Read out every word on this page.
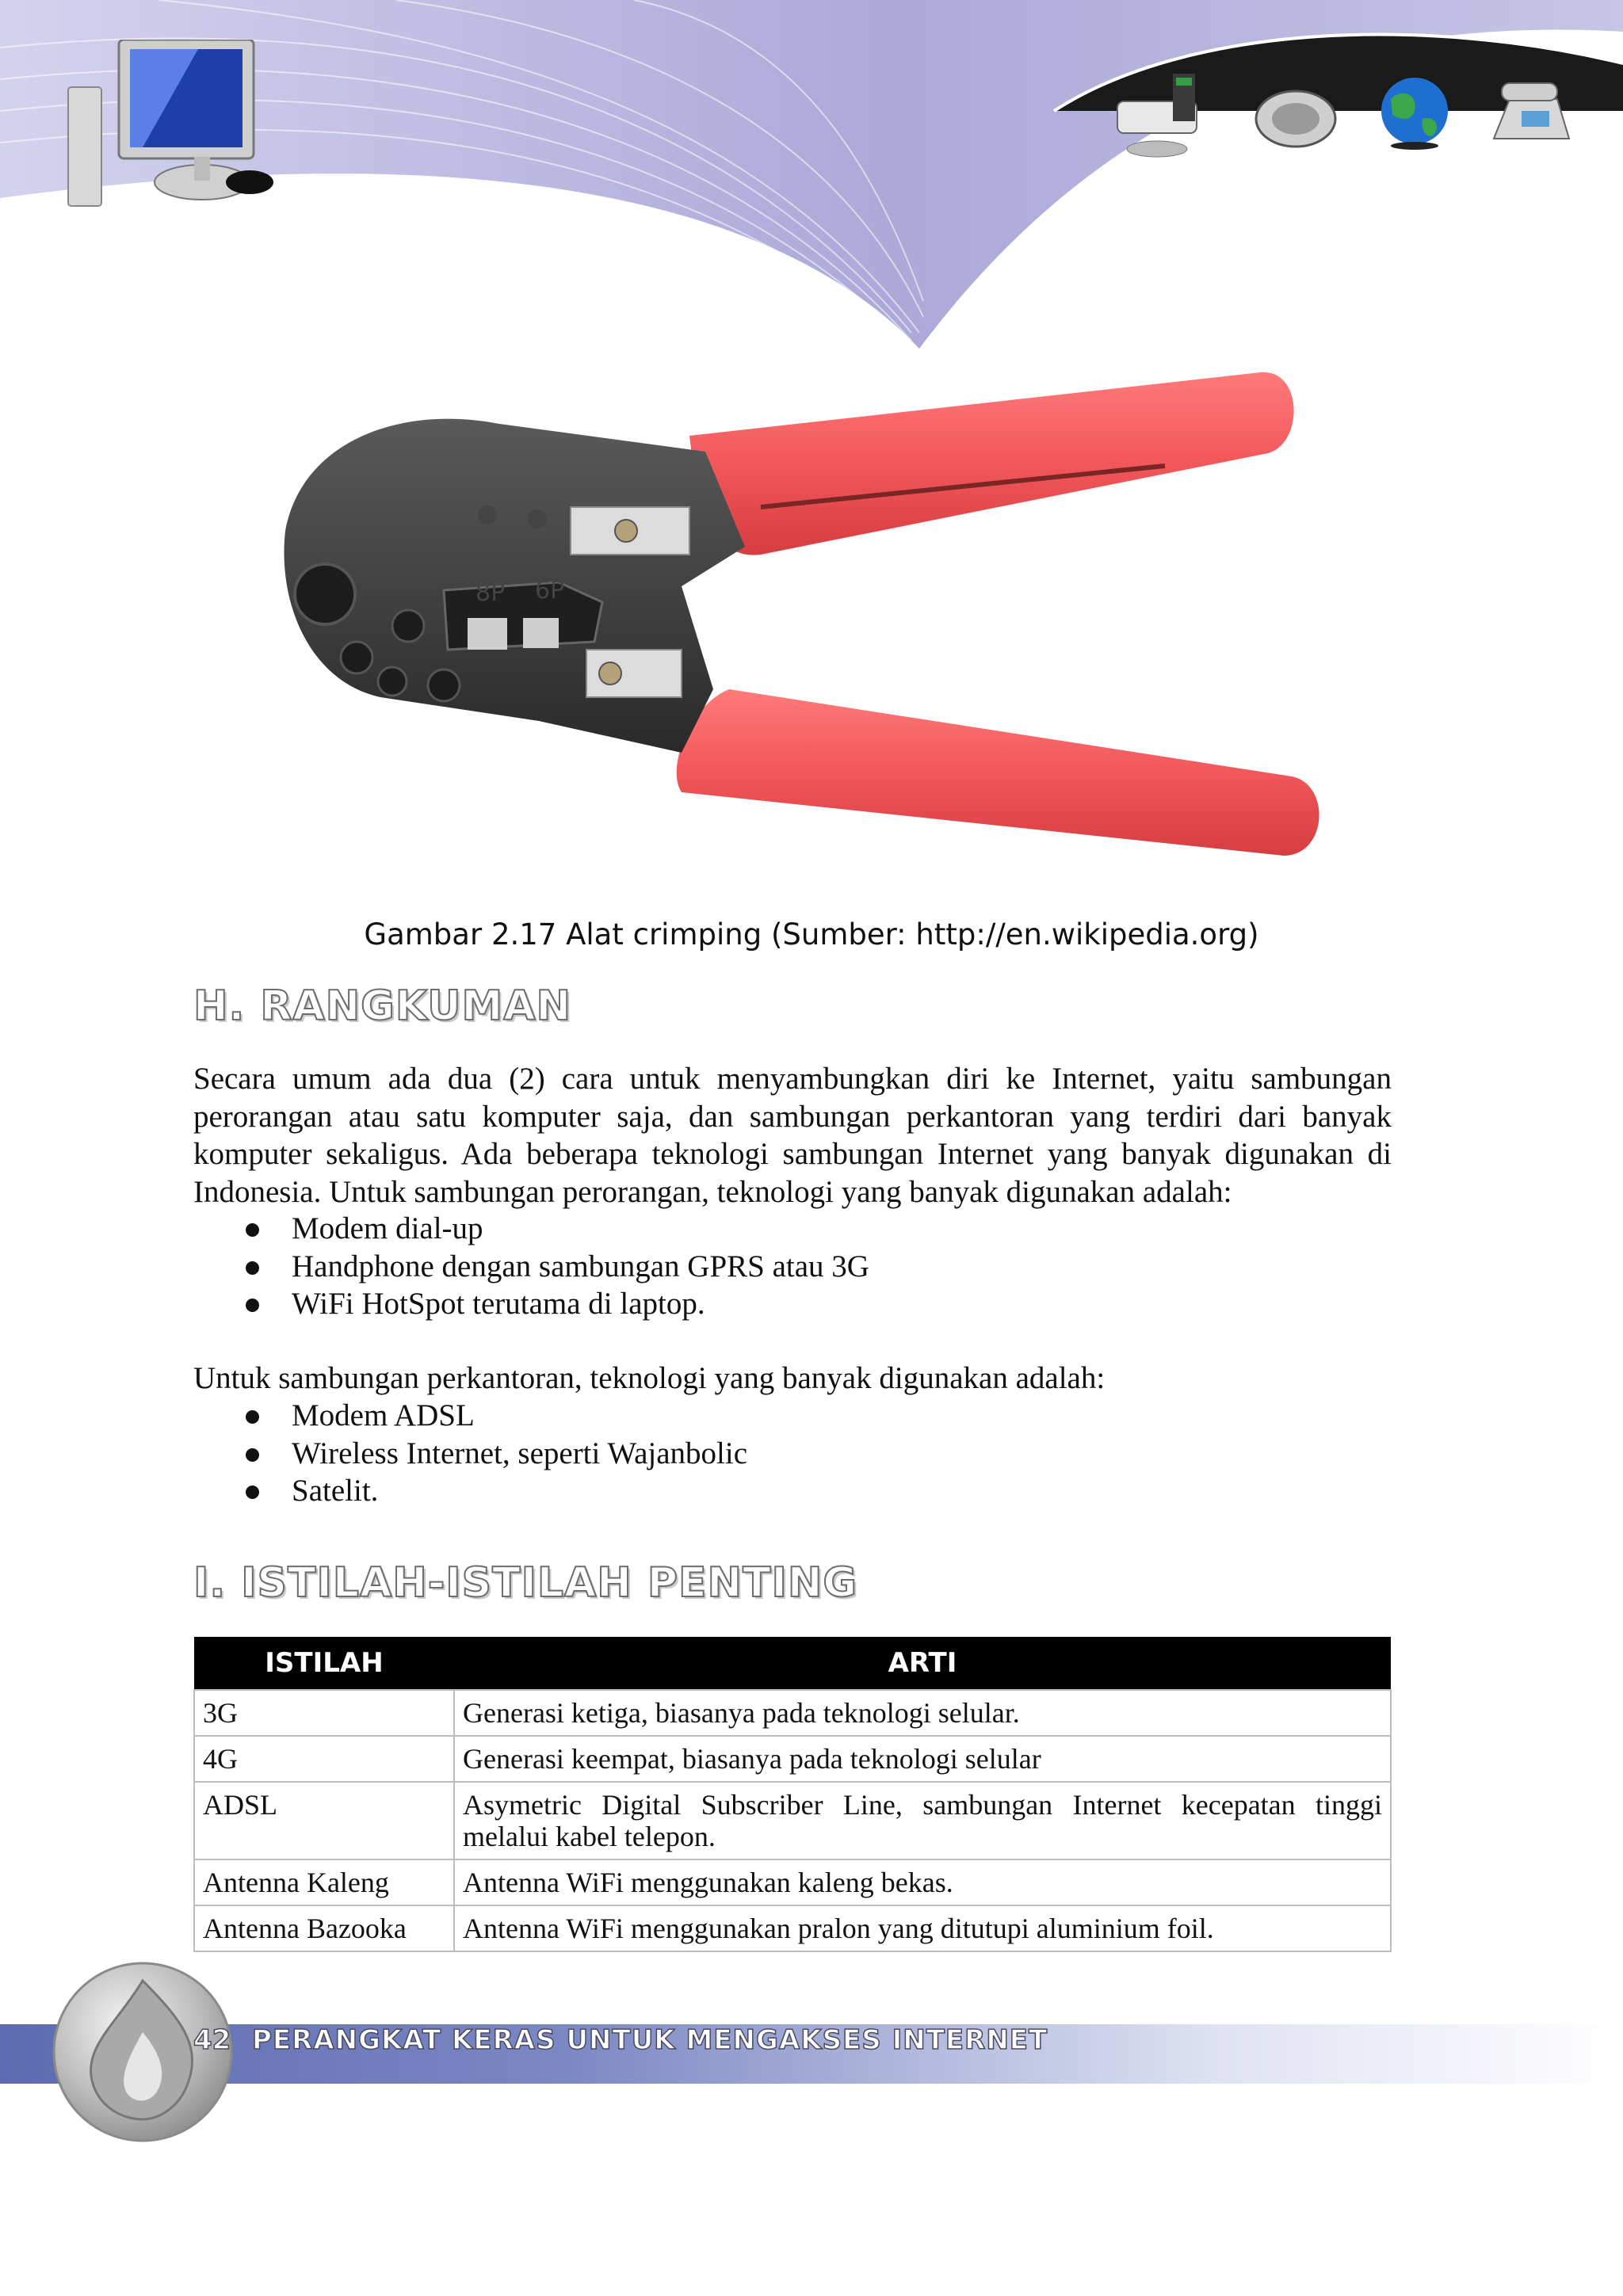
8P 6P
Gambar 2.17 Alat crimping (Sumber: http://en.wikipedia.org)
H. RANGKUMAN
Secara umum ada dua (2) cara untuk menyambungkan diri ke Internet, yaitu sambungan perorangan atau satu komputer saja, dan sambungan perkantoran yang terdiri dari banyak komputer sekaligus. Ada beberapa teknologi sambungan Internet yang banyak digunakan di Indonesia. Untuk sambungan perorangan, teknologi yang banyak digunakan adalah:
Modem dial-up
Handphone dengan sambungan GPRS atau 3G
WiFi HotSpot terutama di laptop.
Untuk sambungan perkantoran, teknologi yang banyak digunakan adalah:
Modem ADSL
Wireless Internet, seperti Wajanbolic
Satelit.
I. ISTILAH-ISTILAH PENTING
ISTILAH	ARTI
3G	Generasi ketiga, biasanya pada teknologi selular.
4G	Generasi keempat, biasanya pada teknologi selular
ADSL	Asymetric Digital Subscriber Line, sambungan Internet kecepatan tinggi melalui kabel telepon.
Antenna Kaleng	Antenna WiFi menggunakan kaleng bekas.
Antenna Bazooka	Antenna WiFi menggunakan pralon yang ditutupi aluminium foil.
42 PERANGKAT KERAS UNTUK MENGAKSES INTERNET
